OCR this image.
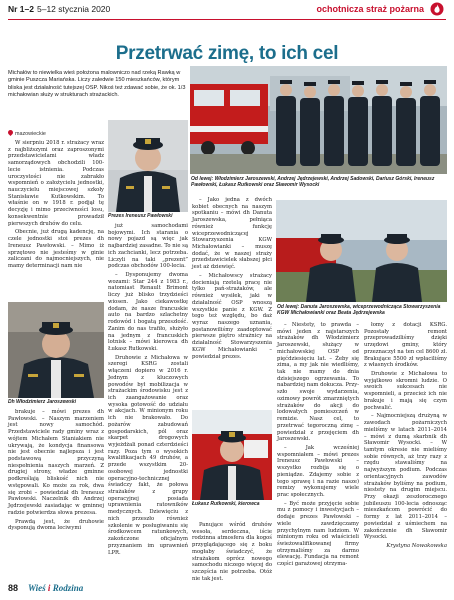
Nr 1–2 5–12 stycznia 2020	ochotnicza straż pożarna
Przetrwać zimę, to ich cel
Michałów to niewielka wieś położona malowniczo nad rzeką Rawką w gminie Puszcza Mariańska. Liczy zaledwie 150 mieszkańców, którym bliska jest działalność tutejszej OSP. Nikoś też zdawać sobie, że ok. 1/3 michałowian służy w strukturach strażackich.
mazowieckie
Od lewej: Włodzimierz Jaroszewski, Andrzej Jędrzejewski, Andrzej Sadowski, Dariusz Górski, Ireneusz Pawłowski, Łukasz Rutkowski oraz Sławomir Wysocki
Prezes Ireneusz Pawłowski

W sierpniu 2018 r. strażacy wraz z najbliższymi oraz zaproszonymi przedstawicielami władz samorządowych obchodzili 100-lecie istnienia. Podczas uroczystości nie zabrakło wspomnień o założycielu jednostki, nauczycielu miejscowej szkoły Stanisławie Kutkowskim. To właśnie on w 1918 r. podjął tę decyzję i mimo przeciwności losu, konsekwentnie prowadził pierwszych druhów do celu.

Obecnie, już drugą kadencję, na czele jednostki stoi prezes dh Ireneusz Pawłowski. – Mimo iż sprzętowo nie jesteśmy w ginie zaliczani do najmocniejszych, nie mamy determinacji nam nie

Dh Włodzimierz Jaroszewski

brakuje – mówi prezes dh Pawłowski. – Naszym marzeniem jest nowy samochód. Przedstawiciele rady gminy wraz z wójtem Michałem Staniakiem nie ukrywają, że kondycja finansowa nie jest obecnie najlepsza i jest podstawową przyczyną niespełnienia naszych marzeń. Z drugiej strony, władze gminne podkreślają bliskość nich nie wstępowali. Ko może za rok, dwa się zrobi – powiedział dh Ireneusz Pawłowski. Naczelnik dh Andrzej Jędrzejewski zasiadając w gminnej radzie potwierdza słowa prezesa.

Prawdą jest, że druhowie dysponują dwoma leciwymi

już samochodami bojowymi. Ich starania o nowy pojazd są więc jak najbardziej zasadne. To nie są ich zachcianki, lecz potrzeba. Liczyli na taki „prezent” podczas obchodów 100-lecia.

– Dysponujemy dwoma wozami: Star 244 z 1983 r., natomiast Renault Brimont liczy już blisko trzydzieści wiosen. Jako ciekawostkę dodam, że nasze francuskie auto na bardzo szlachetny rodowód i bogatą przeszłość. Zanim do nas trafiło, służyło na jednym z francuskich lotnisk – mówi kierowca dh Łukasz Rutkowski.

Druhowie z Michałowa w szeregi KSRG zostali włączeni dopiero w 2016 r. Jednym z kluczowych powodów był mobilizacja w strażackim środowisku jest z ich zaangażowanie oraz wysoka gotowość do udziału w akcjach. W minionym roku ich nie brakowało. Do pożarów zabudowań gospodarskich, pól oraz skarpet drogowych wyjeżdżali ponad czterdzieści razy. Poza tym o wysokich kwalifikacjach 49 druhów, a przede wszystkim 20-osobowej jednostki operacyjno-technicznej świadczy fakt, że połowa strażaków z grupy operacyjnej posiada uprawnienia ratowników medycznych. Dziewięciu z nich przeszło również szkolenie w posługiwaniu się środkowcem ratunkowych, zakończone oficjalnym przyznaniem im uprawnień LPR.

– Jako jedna z dwóch kobiet obecnych na naszym spotkaniu – mówi dh Danuta Jaroszewska, pełniąca również funkcję wiceprzewodniczącej Stowarzyszenia KGW Michałowianki – muszę dodać, że w naszej straży przedstawicielek słabszej płci jest aż dziewięć.

– Michałowscy strażacy docieniają rzetelą pracę nie tylko pań-strażaków, ale również wysiłek, jaki w działalność OSP wnoszą wszystkie panie z KGW. Z tego też względu, bo daż wyraz naszego uznania, postanowiliśmy zaadoptować pierwsze piętro strażnicy na działalność Stowarzyszenia KGW Michałowianki – powiedział prezes.

Łukasz Rutkowski, kierowca

Panujące wśród druhów wesoła, serdeczna, iście rodzinna atmosfera dla kogoś przyglądającego się z boku mogłaby świadczyć, że strażakom oprócz nowego samochodu niczego więcej do szczęścia nie potrzeba. Otóż nie tak jest.

Od lewej: Danuta Jaroszewska, wiceprzewodnicząca Stowarzyszenia KGW Michałowianki oraz Beata Jędrzejewska

– Niestety, to prawda – mówi jeden z najstarszych strażaków dh Włodzimierz Jaroszewski, służący w michałowskiej OSP od pięćdziesięciu lat. – Żeby się zima, a my jak nie wiedliśmy, tak nie mamy do dnia dzisiejszego ogrzewania. To nabardziej nam dokucza. Przy-szło swoje wydarzenia, ozimowy powrót zmarzniętych strażaków do akcji do lodowatych pomieszczeń w remizie. Nasz cel, to przetrwać tegoroczną zimę – powiedział z przejęciem dh Jaroszewski.

– Jak wcześniej wspomniałem – mówi prezes Ireneusz Pawłowski – wszystko rozbija się o pieniądze. Zdajemy sobie z tego sprawę i na razie nasze) remizy wykonujemy wiele prac społecznych.

– Być może przyjęcie sobie mu z pomocy i inwestycjach – dodaje prezes Pawłowski – wiele zawdzięczamy przychylnym nam ludziom. W minionym roku od właścicieli świeżowalifikowanej firmy otrzymaliśmy za darmo elewację. Fundacja na remont części garażowej otrzyma-

łomy z dotacji KSRG. Pozostały remont przeprowadziliśmy dzięki urzędowi gminy, który przeznaczył na ten cel 8600 zł. Brakujące 5500 zł wpłaciliśmy z własnych środków.

Druhowie z Michałowa to wyjątkowo skromni ludzie. O swoich sukcesach nie wspomnieli, a przecież ich nie brakuje i mają się czym pochwalić.

– Najmocniejszą drużyną w zawodach pożarniczych mieliśmy w latach 2011–2014 – mówi z dumą skarbnik dh Sławomir Wysocki. – W tamtym okresie nie mieliśmy sobie równych, aż trzy razy z rzędu stawaliśmy na najwyższym podium. Podczas orientacyjnych zawodów strażaków byliśmy na podium, niestety na drugim miejscu. Przy okazji zeszłorocznego jubileuszu 100-lecia odnosząc mieszkańcom powrócić do formy z lat 2011–2014 – powiedział z uśmiechem na zakończenie dh Sławomir Wysocki.

Krystyna Nowakowska

88 Wieś i Rodzina
